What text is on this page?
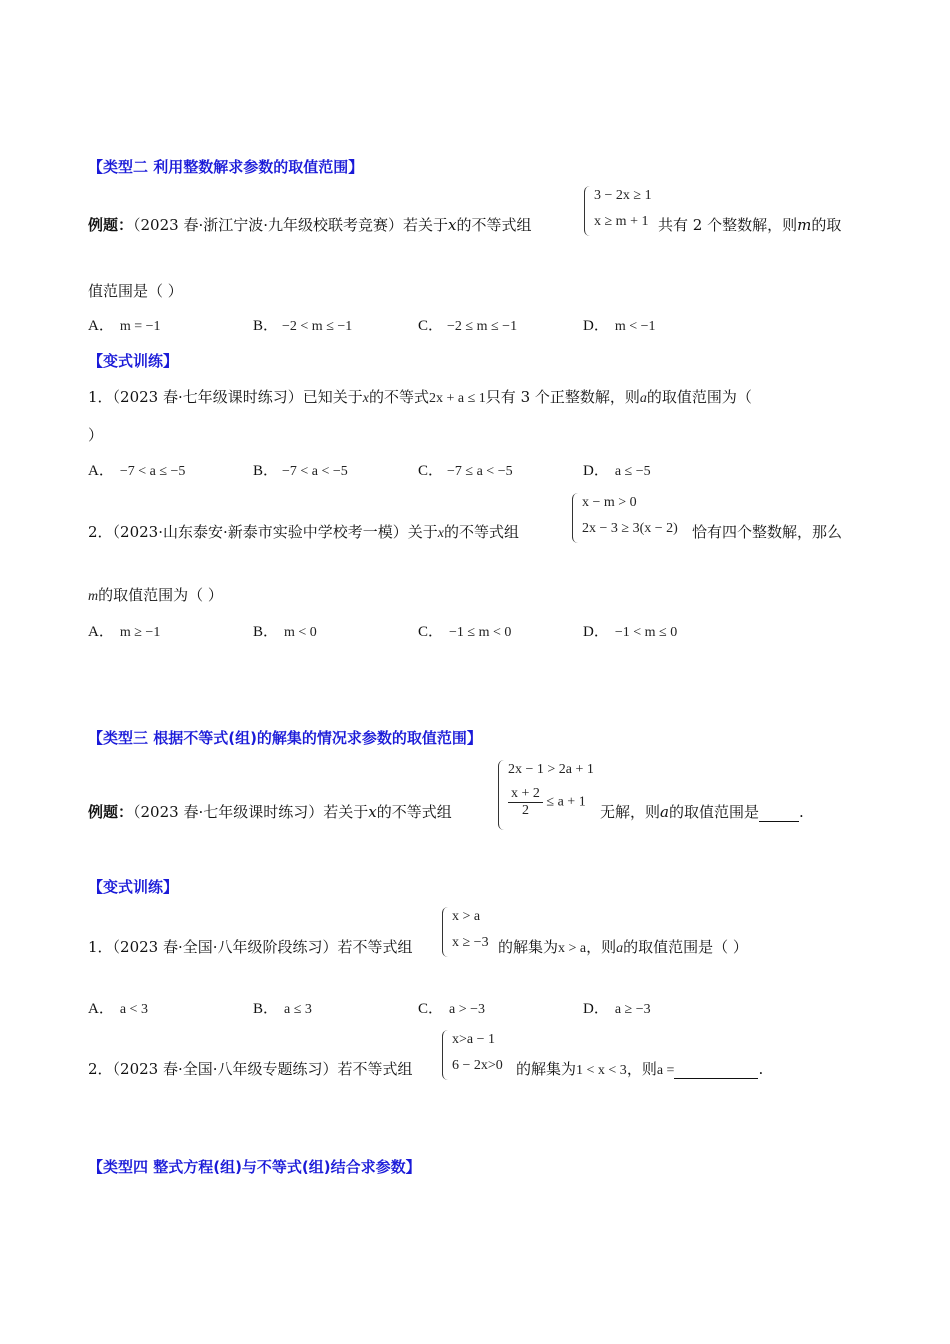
【类型二 利用整数解求参数的取值范围】
例题：（2023 春·浙江宁波·九年级校联考竞赛）若关于x的不等式组
3 − 2x ≥ 1
x ≥ m + 1 共有 2 个整数解，则m的取
值范围是（ ）
A． m = −1	B． −2 < m ≤ −1	C． −2 ≤ m ≤ −1	D． m < −1
【变式训练】
1．（2023 春·七年级课时练习）已知关于x的不等式2x + a ≤ 1只有 3 个正整数解，则a的取值范围为（
）
A． −7 < a ≤ −5	B． −7 < a < −5	C． −7 ≤ a < −5	D． a ≤ −5
2．（2023·山东泰安·新泰市实验中学校考一模）关于x的不等式组
x − m > 0
2x − 3 ≥ 3(x − 2) 恰有四个整数解，那么
m的取值范围为（ ）
A． m ≥ −1	B． m < 0	C． −1 ≤ m < 0	D． −1 < m ≤ 0
【类型三 根据不等式(组)的解集的情况求参数的取值范围】
例题：（2023 春·七年级课时练习）若关于x的不等式组
2x − 1 > 2a + 1
$\frac{x + 2}{2} \le a + 1$
无解，则a的取值范围是	.
【变式训练】
1．（2023 春·全国·八年级阶段练习）若不等式组
x > a
x ≥ −3 的解集为x > a，则a的取值范围是（ ）
A． a < 3	B． a ≤ 3	C． a > −3	D． a ≥ −3
2．（2023 春·全国·八年级专题练习）若不等式组
x>a − 1
6 − 2x>0 的解集为1 < x < 3，则a =	.
【类型四 整式方程(组)与不等式(组)结合求参数】
